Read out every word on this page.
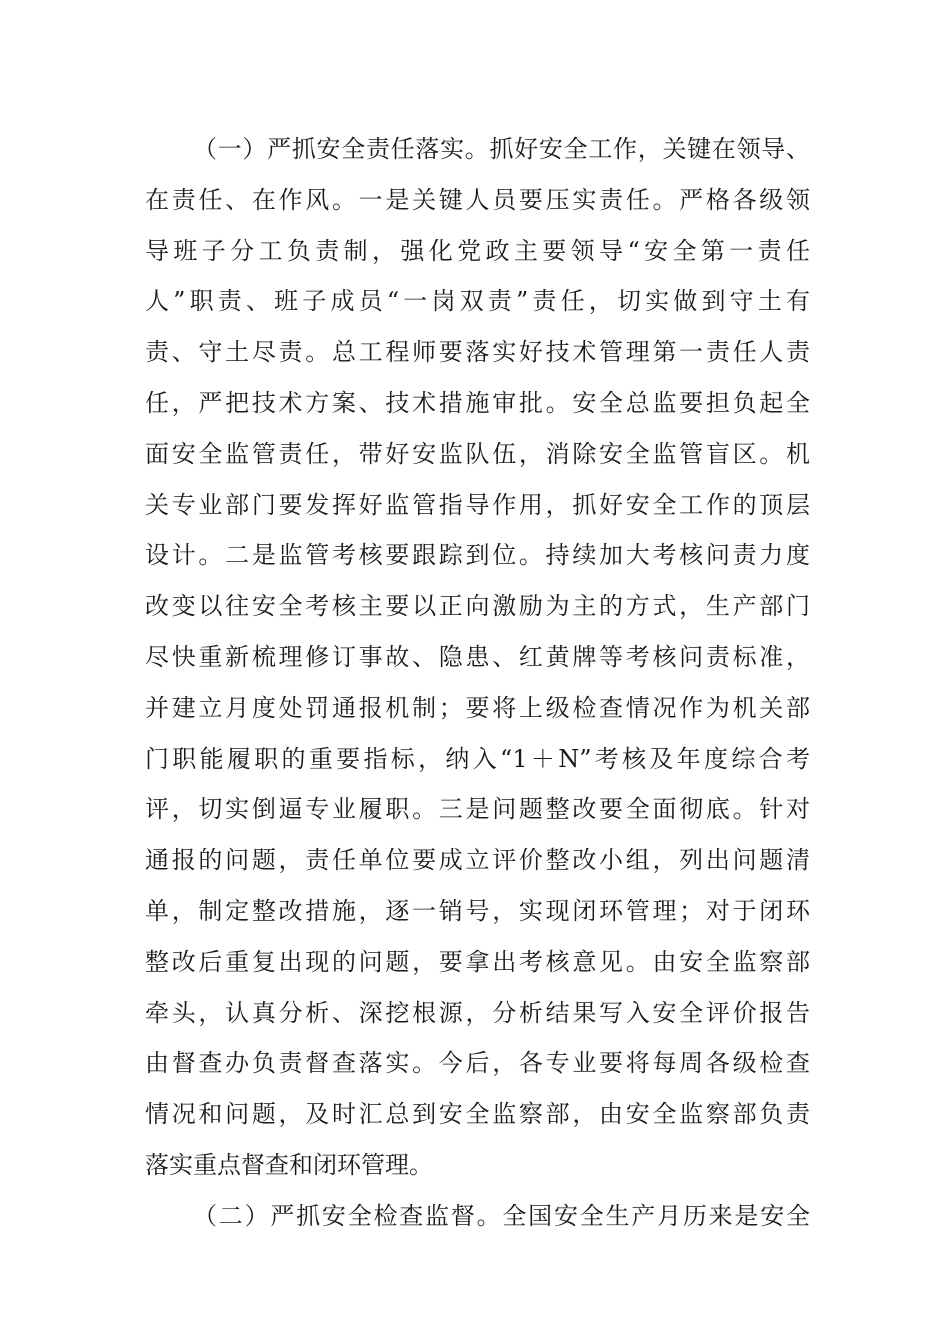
（一）严抓安全责任落实。抓好安全工作，关键在领导、
在责任、在作风。一是关键人员要压实责任。严格各级领
导班子分工负责制，强化党政主要领导“安全第一责任
人”职责、班子成员“一岗双责”责任，切实做到守土有
责、守土尽责。总工程师要落实好技术管理第一责任人责
任，严把技术方案、技术措施审批。安全总监要担负起全
面安全监管责任，带好安监队伍，消除安全监管盲区。机
关专业部门要发挥好监管指导作用，抓好安全工作的顶层
设计。二是监管考核要跟踪到位。持续加大考核问责力度
改变以往安全考核主要以正向激励为主的方式，生产部门
尽快重新梳理修订事故、隐患、红黄牌等考核问责标准，
并建立月度处罚通报机制；要将上级检查情况作为机关部
门职能履职的重要指标，纳入“1＋N”考核及年度综合考
评，切实倒逼专业履职。三是问题整改要全面彻底。针对
通报的问题，责任单位要成立评价整改小组，列出问题清
单，制定整改措施，逐一销号，实现闭环管理；对于闭环
整改后重复出现的问题，要拿出考核意见。由安全监察部
牵头，认真分析、深挖根源，分析结果写入安全评价报告
由督查办负责督查落实。今后，各专业要将每周各级检查
情况和问题，及时汇总到安全监察部，由安全监察部负责
落实重点督查和闭环管理。
（二）严抓安全检查监督。全国安全生产月历来是安全
